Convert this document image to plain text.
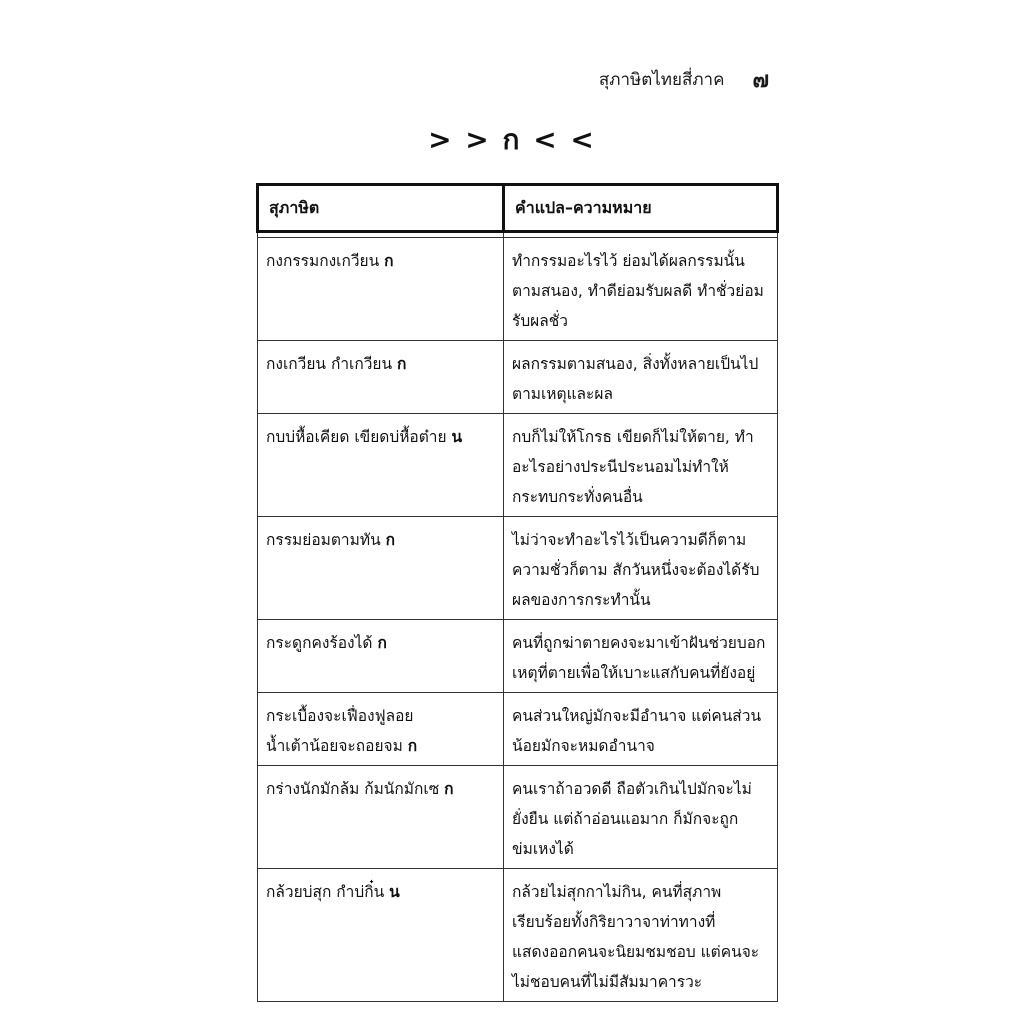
สุภาษิตไทยสี่ภาค ๗
> > ก < <
สุภาษิต	คำแปล–ความหมาย

กงกรรมกงเกวียน ก	ทำกรรมอะไรไว้ ย่อมได้ผลกรรมนั้นตามสนอง, ทำดีย่อมรับผลดี ทำชั่วย่อมรับผลชั่ว

กงเกวียน กำเกวียน ก	ผลกรรมตามสนอง, สิ่งทั้งหลายเป็นไปตามเหตุและผล

กบบ่หื้อเคียด เขียดบ่หื้อต๋าย น	กบก็ไม่ให้โกรธ เขียดก็ไม่ให้ตาย, ทำอะไรอย่างประนีประนอมไม่ทำให้กระทบกระทั่งคนอื่น

กรรมย่อมตามทัน ก	ไม่ว่าจะทำอะไรไว้เป็นความดีก็ตามความชั่วก็ตาม สักวันหนึ่งจะต้องได้รับผลของการกระทำนั้น

กระดูกคงร้องได้ ก	คนที่ถูกฆ่าตายคงจะมาเข้าฝันช่วยบอกเหตุที่ตายเพื่อให้เบาะแสกับคนที่ยังอยู่

กระเบื้องจะเฟื่องฟูลอย
น้ำเต้าน้อยจะถอยจม ก	คนส่วนใหญ่มักจะมีอำนาจ แต่คนส่วนน้อยมักจะหมดอำนาจ

กร่างนักมักล้ม ก้มนักมักเซ ก	คนเราถ้าอวดดี ถือตัวเกินไปมักจะไม่ยั่งยืน แต่ถ้าอ่อนแอมาก ก็มักจะถูกข่มเหงได้

กล้วยบ่สุก กำบ่กิ๋น น	กล้วยไม่สุกกาไม่กิน, คนที่สุภาพเรียบร้อยทั้งกิริยาวาจาท่าทางที่แสดงออกคนจะนิยมชมชอบ แต่คนจะไม่ชอบคนที่ไม่มีสัมมาคารวะ
